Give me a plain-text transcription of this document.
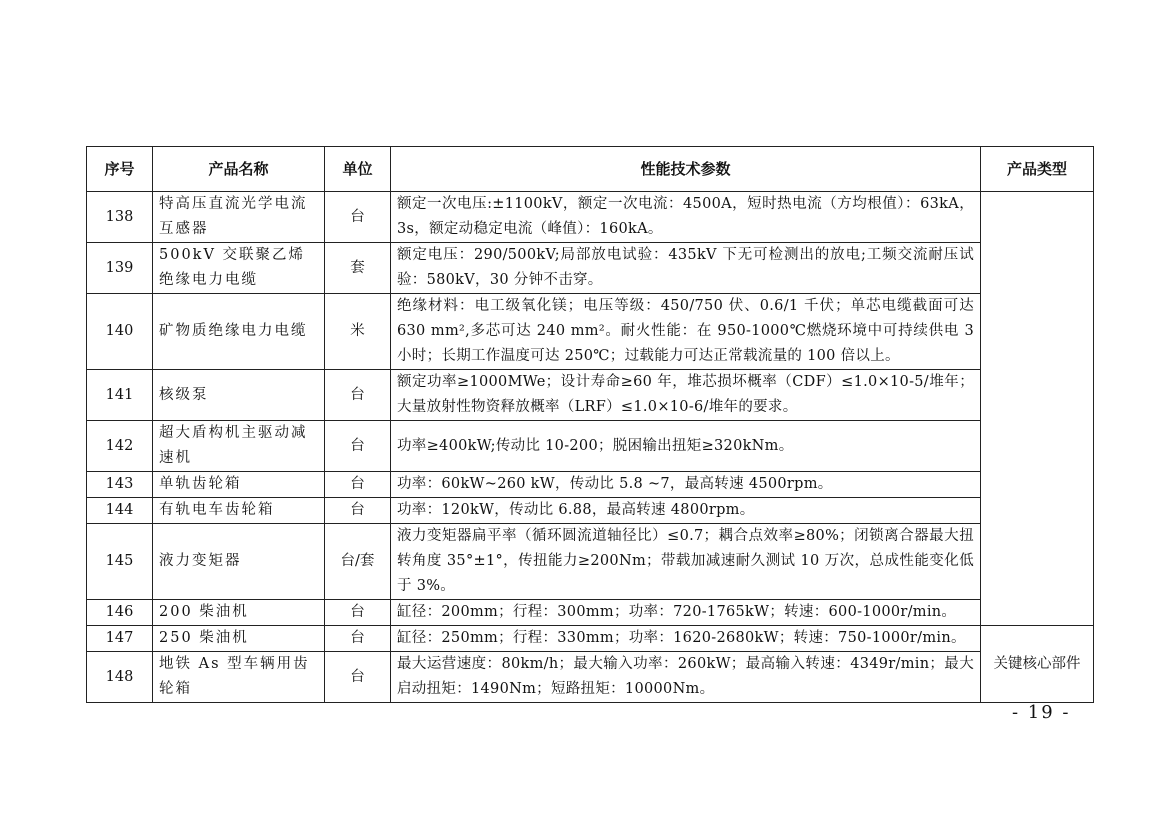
序号	产品名称	单位	性能技术参数	产品类型
138	特高压直流光学电流互感器	台	额定一次电压:±1100kV，额定一次电流：4500A，短时热电流（方均根值）：63kA，3s，额定动稳定电流（峰值）：160kA。	
139	500kV 交联聚乙烯绝缘电力电缆	套	额定电压：290/500kV;局部放电试验：435kV 下无可检测出的放电;工频交流耐压试验：580kV，30 分钟不击穿。	
140	矿物质绝缘电力电缆	米	绝缘材料：电工级氧化镁；电压等级：450/750 伏、0.6/1 千伏；单芯电缆截面可达 630 mm²,多芯可达 240 mm²。耐火性能：在 950-1000℃燃烧环境中可持续供电 3 小时；长期工作温度可达 250℃；过载能力可达正常载流量的 100 倍以上。	
141	核级泵	台	额定功率≥1000MWe；设计寿命≥60 年，堆芯损坏概率（CDF）≤1.0×10-5/堆年；大量放射性物资释放概率（LRF）≤1.0×10-6/堆年的要求。	
142	超大盾构机主驱动减速机	台	功率≥400kW;传动比 10-200；脱困输出扭矩≥320kNm。	
143	单轨齿轮箱	台	功率：60kW~260 kW，传动比 5.8 ~7，最高转速 4500rpm。	
144	有轨电车齿轮箱	台	功率：120kW，传动比 6.88，最高转速 4800rpm。	
145	液力变矩器	台/套	液力变矩器扁平率（循环圆流道轴径比）≤0.7；耦合点效率≥80%；闭锁离合器最大扭转角度 35°±1°，传扭能力≥200Nm；带载加减速耐久测试 10 万次，总成性能变化低于 3%。	
146	200 柴油机	台	缸径：200mm；行程：300mm；功率：720-1765kW；转速：600-1000r/min。	
147	250 柴油机	台	缸径：250mm；行程：330mm；功率：1620-2680kW；转速：750-1000r/min。	关键核心部件
148	地铁 As 型车辆用齿轮箱	台	最大运营速度：80km/h；最大输入功率：260kW；最高输入转速：4349r/min；最大启动扭矩：1490Nm；短路扭矩：10000Nm。	
- 19 -
